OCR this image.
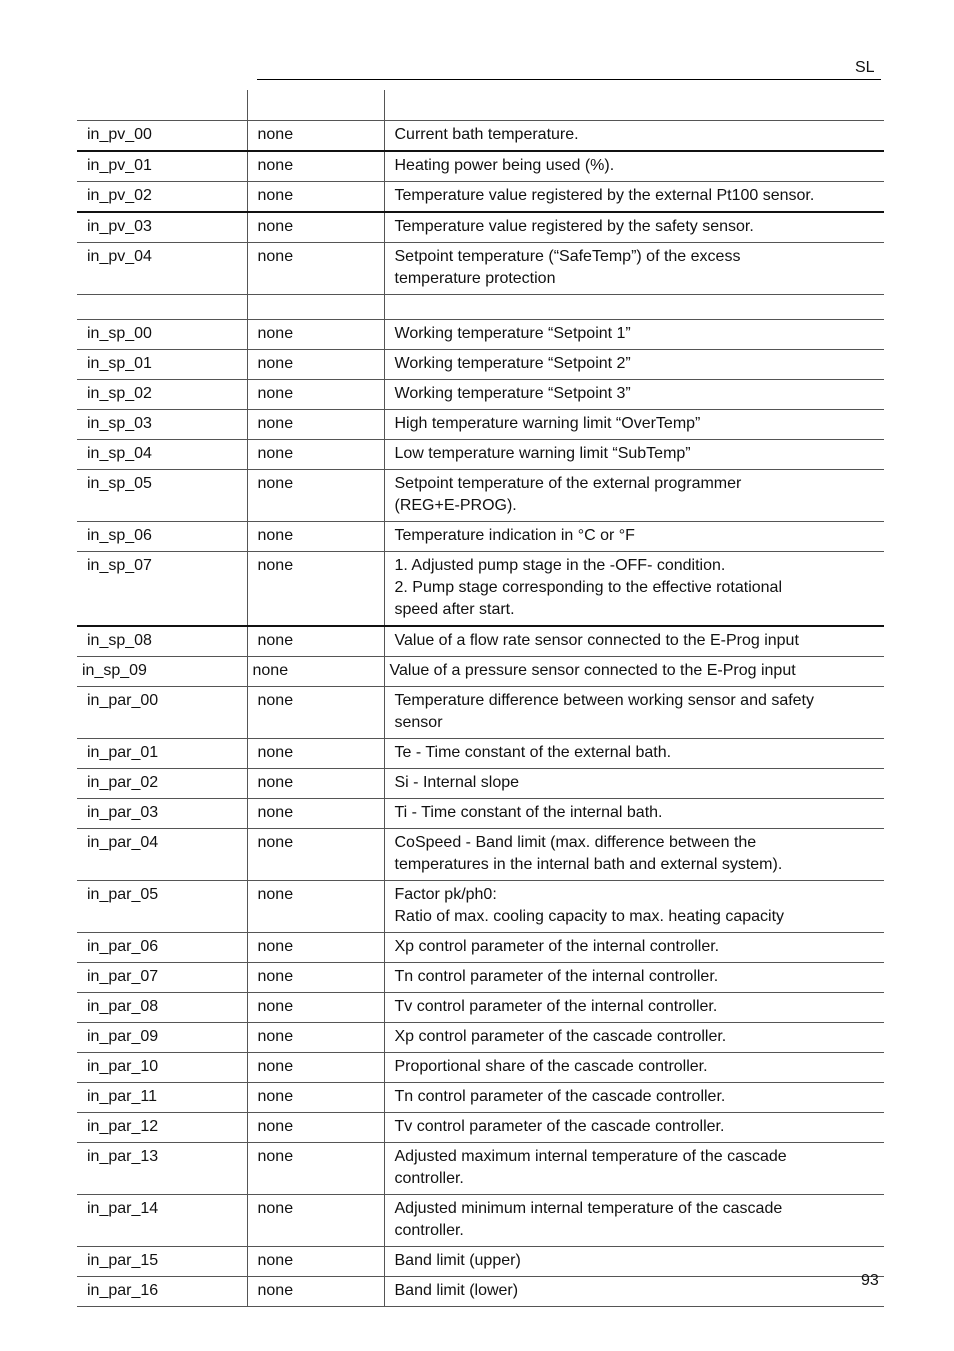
SL

in_pv_00	none	Current bath temperature.

in_pv_01	none	Heating power being used (%).

in_pv_02	none	Temperature value registered by the external Pt100 sensor.

in_pv_03	none	Temperature value registered by the safety sensor.

in_pv_04	none	Setpoint temperature (“SafeTemp”) of the excess
temperature protection

in_sp_00	none	Working temperature “Setpoint 1”

in_sp_01	none	Working temperature “Setpoint 2”

in_sp_02	none	Working temperature “Setpoint 3”

in_sp_03	none	High temperature warning limit “OverTemp”

in_sp_04	none	Low temperature warning limit “SubTemp”

in_sp_05	none	Setpoint temperature of the external programmer
(REG+E-PROG).

in_sp_06	none	Temperature indication in °C or °F

in_sp_07	none	1. Adjusted pump stage in the -OFF- condition.
2. Pump stage corresponding to the effective rotational
speed after start.

in_sp_08	none	Value of a flow rate sensor connected to the E-Prog input

in_sp_09	none	Value of a pressure sensor connected to the E-Prog input

in_par_00	none	Temperature difference between working sensor and safety
sensor

in_par_01	none	Te - Time constant of the external bath.

in_par_02	none	Si - Internal slope

in_par_03	none	Ti - Time constant of the internal bath.

in_par_04	none	CoSpeed - Band limit (max. difference between the
temperatures in the internal bath and external system).

in_par_05	none	Factor pk/ph0:
Ratio of max. cooling capacity to max. heating capacity

in_par_06	none	Xp control parameter of the internal controller.

in_par_07	none	Tn control parameter of the internal controller.

in_par_08	none	Tv control parameter of the internal controller.

in_par_09	none	Xp control parameter of the cascade controller.

in_par_10	none	Proportional share of the cascade controller.

in_par_11	none	Tn control parameter of the cascade controller.

in_par_12	none	Tv control parameter of the cascade controller.

in_par_13	none	Adjusted maximum internal temperature of the cascade
controller.

in_par_14	none	Adjusted minimum internal temperature of the cascade
controller.

in_par_15	none	Band limit (upper)

in_par_16	none	Band limit (lower)
93
